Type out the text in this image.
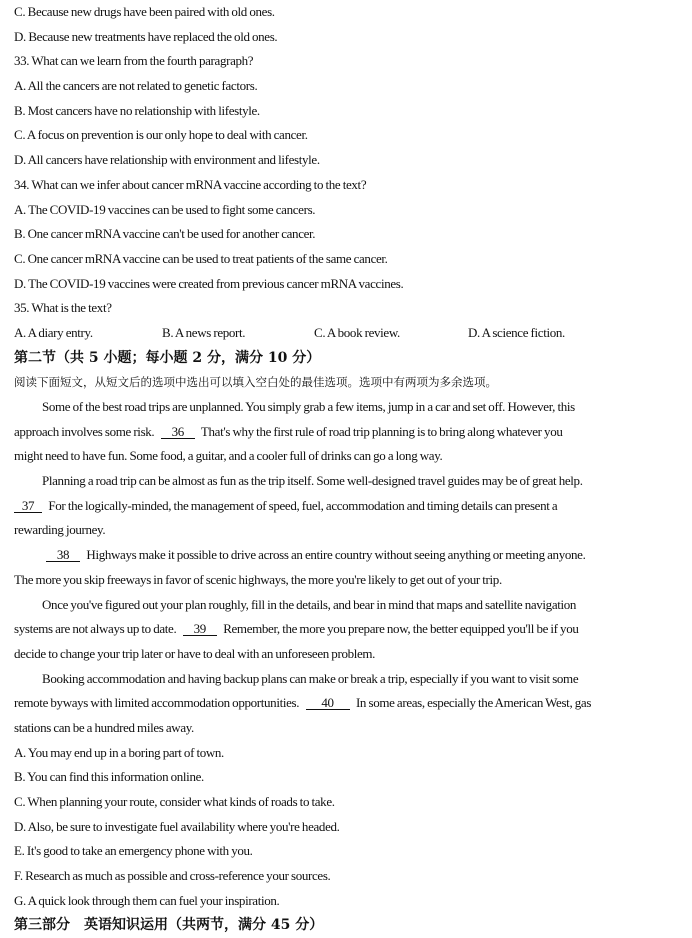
C. Because new drugs have been paired with old ones.
D. Because new treatments have replaced the old ones.
33. What can we learn from the fourth paragraph?
A. All the cancers are not related to genetic factors.
B. Most cancers have no relationship with lifestyle.
C. A focus on prevention is our only hope to deal with cancer.
D. All cancers have relationship with environment and lifestyle.
34. What can we infer about cancer mRNA vaccine according to the text?
A. The COVID-19 vaccines can be used to fight some cancers.
B. One cancer mRNA vaccine can't be used for another cancer.
C. One cancer mRNA vaccine can be used to treat patients of the same cancer.
D. The COVID-19 vaccines were created from previous cancer mRNA vaccines.
35. What is the text?
A. A diary entry.	B. A news report.	C. A book review.	D. A science fiction.
第二节（共 5 小题；每小题 2 分，满分 10 分）
阅读下面短文，从短文后的选项中选出可以填入空白处的最佳选项。选项中有两项为多余选项。
Some of the best road trips are unplanned. You simply grab a few items, jump in a car and set off. However, this
approach involves some risk. 36 That's why the first rule of road trip planning is to bring along whatever you
might need to have fun. Some food, a guitar, and a cooler full of drinks can go a long way.
Planning a road trip can be almost as fun as the trip itself. Some well-designed travel guides may be of great help.
37 For the logically-minded, the management of speed, fuel, accommodation and timing details can present a
rewarding journey.
38 Highways make it possible to drive across an entire country without seeing anything or meeting anyone.
The more you skip freeways in favor of scenic highways, the more you're likely to get out of your trip.
Once you've figured out your plan roughly, fill in the details, and bear in mind that maps and satellite navigation
systems are not always up to date. 39 Remember, the more you prepare now, the better equipped you'll be if you
decide to change your trip later or have to deal with an unforeseen problem.
Booking accommodation and having backup plans can make or break a trip, especially if you want to visit some
remote byways with limited accommodation opportunities. 40 In some areas, especially the American West, gas
stations can be a hundred miles away.
A. You may end up in a boring part of town.
B. You can find this information online.
C. When planning your route, consider what kinds of roads to take.
D. Also, be sure to investigate fuel availability where you're headed.
E. It's good to take an emergency phone with you.
F. Research as much as possible and cross-reference your sources.
G. A quick look through them can fuel your inspiration.
第三部分　英语知识运用（共两节，满分 45 分）
